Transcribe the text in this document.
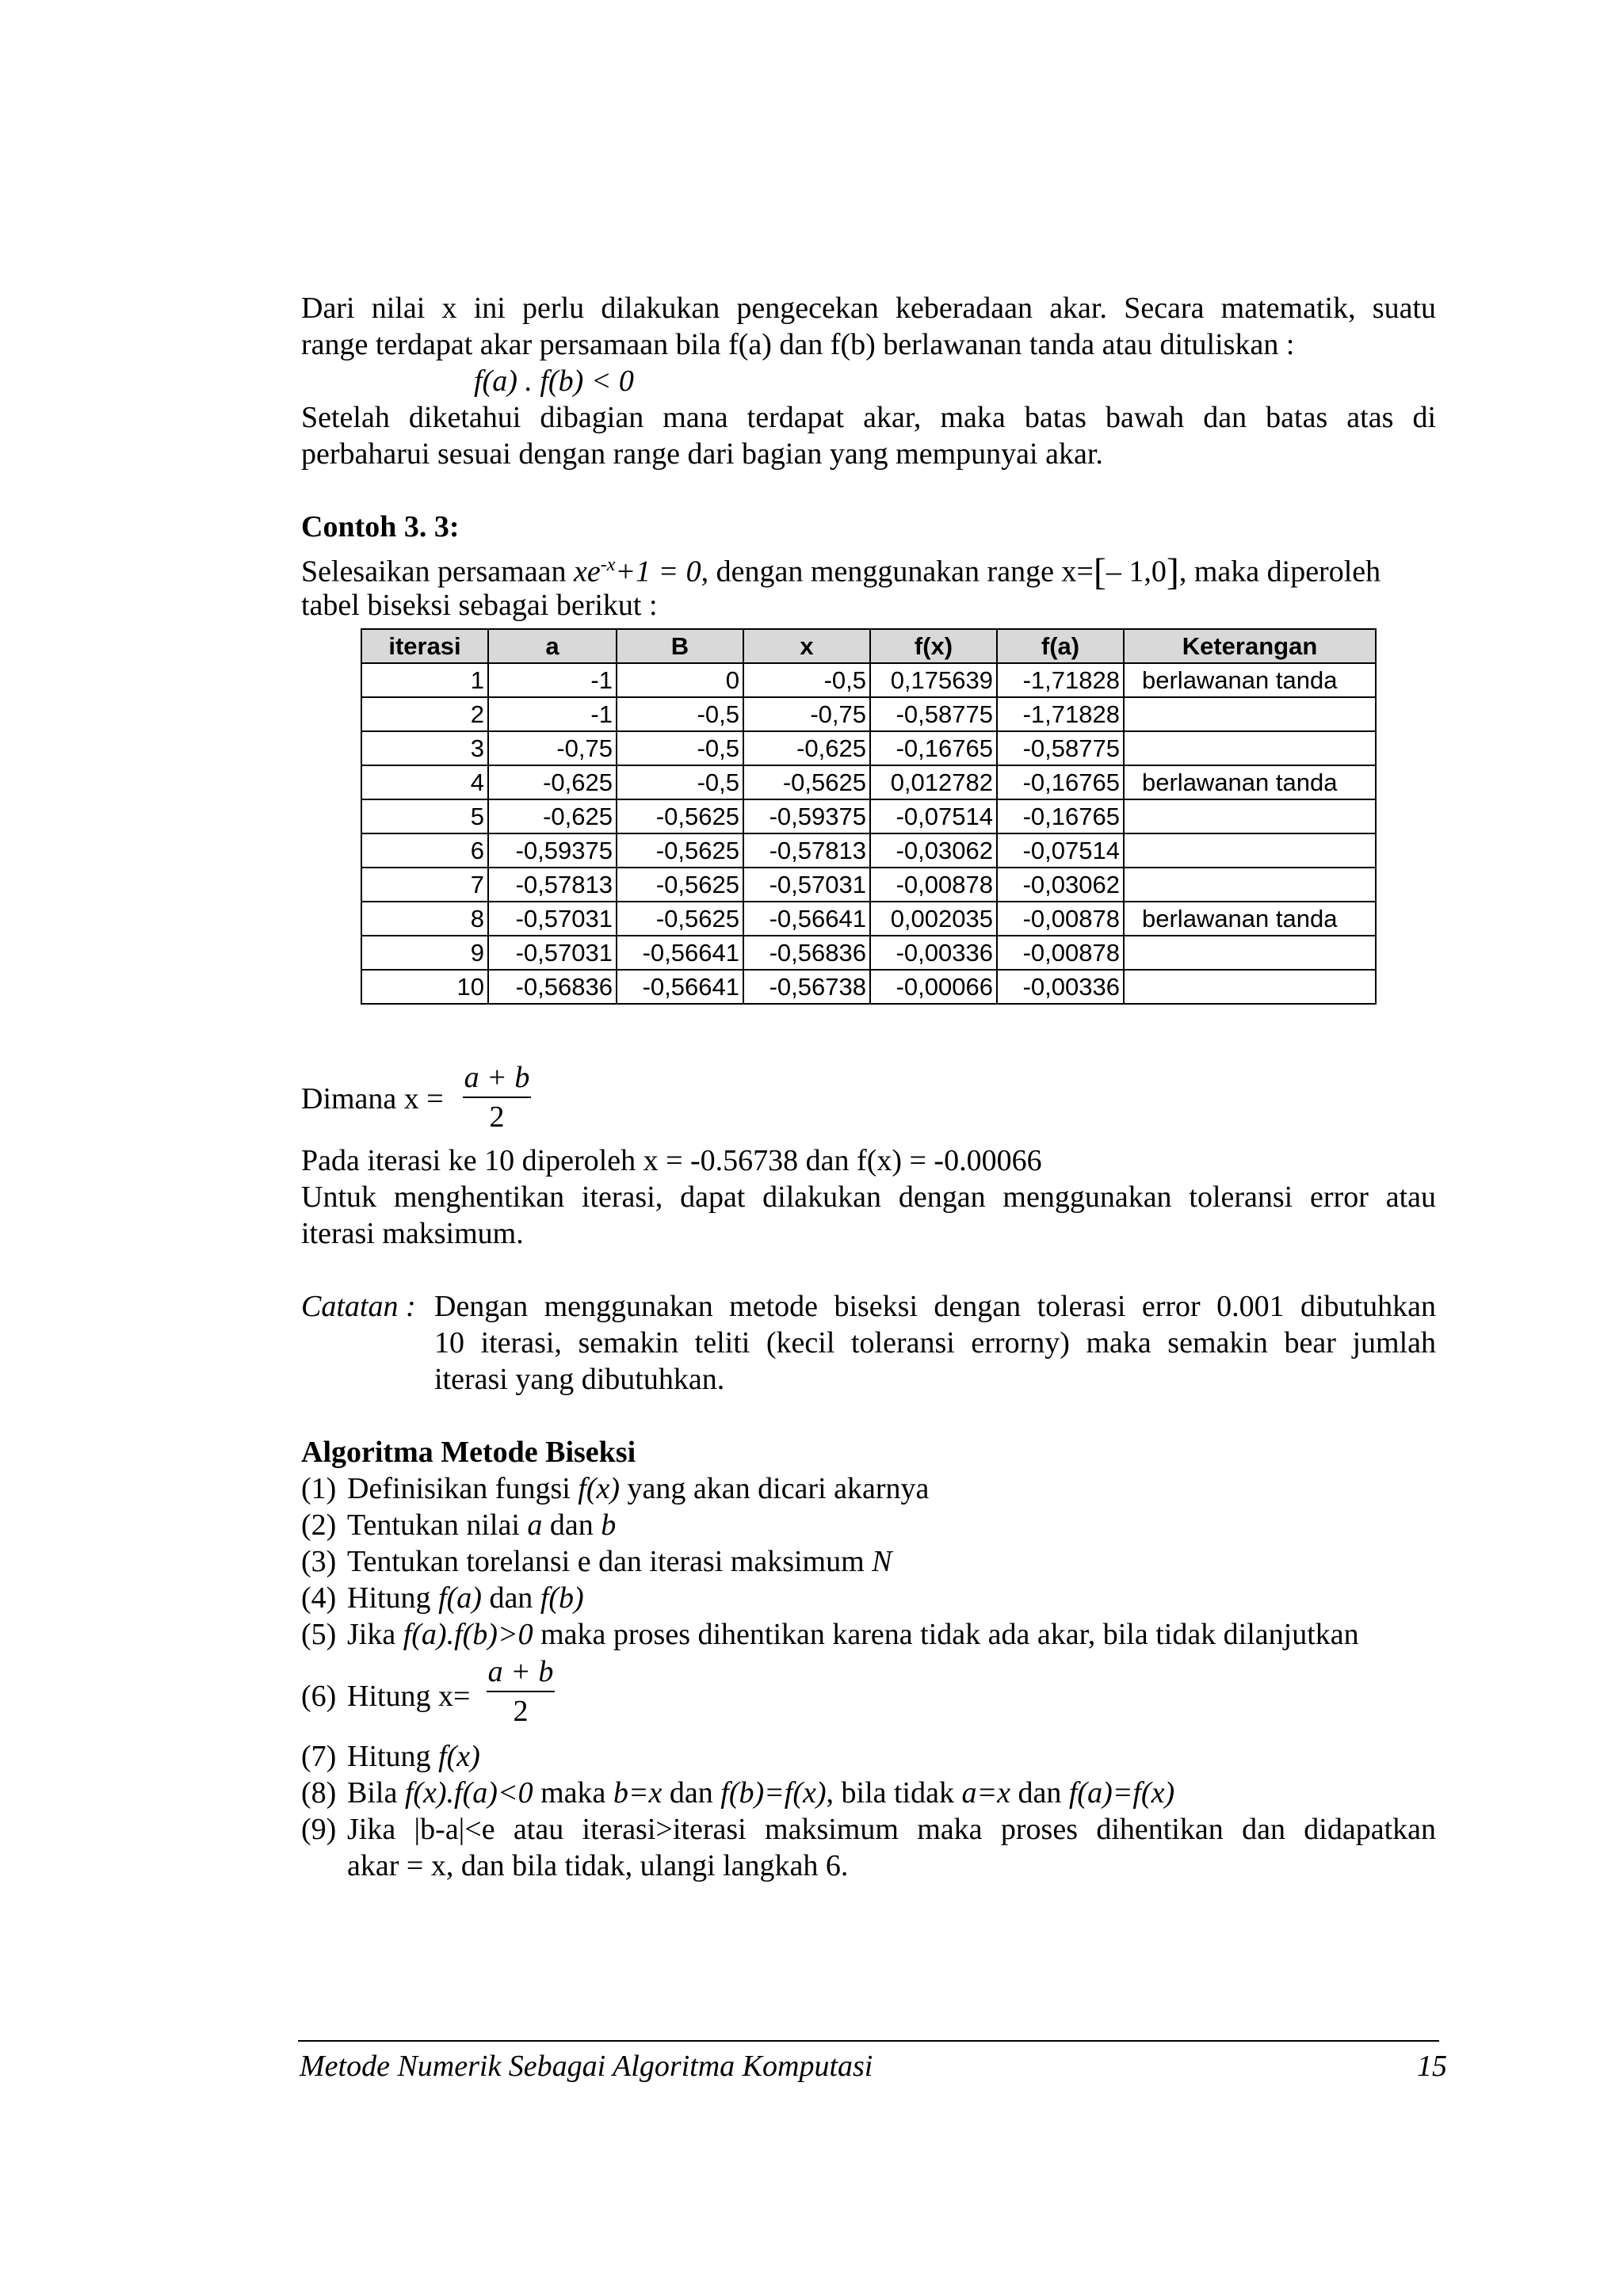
Dari nilai x ini perlu dilakukan pengecekan keberadaan akar. Secara matematik, suatu
range terdapat akar persamaan bila f(a) dan f(b) berlawanan tanda atau dituliskan :
f(a) . f(b) < 0
Setelah diketahui dibagian mana terdapat akar, maka batas bawah dan batas atas di
perbaharui sesuai dengan range dari bagian yang mempunyai akar.
Contoh 3. 3:
Selesaikan persamaan $xe^{-x}+1 = 0$, dengan menggunakan range x=[– 1,0], maka diperoleh
tabel biseksi sebagai berikut :
iterasi	a	B	x	f(x)	f(a)	Keterangan
1	-1	0	-0,5	0,175639	-1,71828	berlawanan tanda
2	-1	-0,5	-0,75	-0,58775	-1,71828	
3	-0,75	-0,5	-0,625	-0,16765	-0,58775	
4	-0,625	-0,5	-0,5625	0,012782	-0,16765	berlawanan tanda
5	-0,625	-0,5625	-0,59375	-0,07514	-0,16765	
6	-0,59375	-0,5625	-0,57813	-0,03062	-0,07514	
7	-0,57813	-0,5625	-0,57031	-0,00878	-0,03062	
8	-0,57031	-0,5625	-0,56641	0,002035	-0,00878	berlawanan tanda
9	-0,57031	-0,56641	-0,56836	-0,00336	-0,00878	
10	-0,56836	-0,56641	-0,56738	-0,00066	-0,00336	
Dimana x =
a + b
2
Pada iterasi ke 10 diperoleh x = -0.56738 dan f(x) = -0.00066
Untuk menghentikan iterasi, dapat dilakukan dengan menggunakan toleransi error atau
iterasi maksimum.
Catatan : Dengan menggunakan metode biseksi dengan tolerasi error 0.001 dibutuhkan
10 iterasi, semakin teliti (kecil toleransi errorny) maka semakin bear jumlah
iterasi yang dibutuhkan.
Algoritma Metode Biseksi
(1) Definisikan fungsi f(x) yang akan dicari akarnya
(2) Tentukan nilai a dan b
(3) Tentukan torelansi e dan iterasi maksimum N
(4) Hitung f(a) dan f(b)
(5) Jika f(a).f(b)>0 maka proses dihentikan karena tidak ada akar, bila tidak dilanjutkan
(6) Hitung x=
a + b
2
(7) Hitung f(x)
(8) Bila f(x).f(a)<0 maka b=x dan f(b)=f(x), bila tidak a=x dan f(a)=f(x)
(9) Jika |b-a|<e atau iterasi>iterasi maksimum maka proses dihentikan dan didapatkan
akar = x, dan bila tidak, ulangi langkah 6.
Metode Numerik Sebagai Algoritma Komputasi	15
